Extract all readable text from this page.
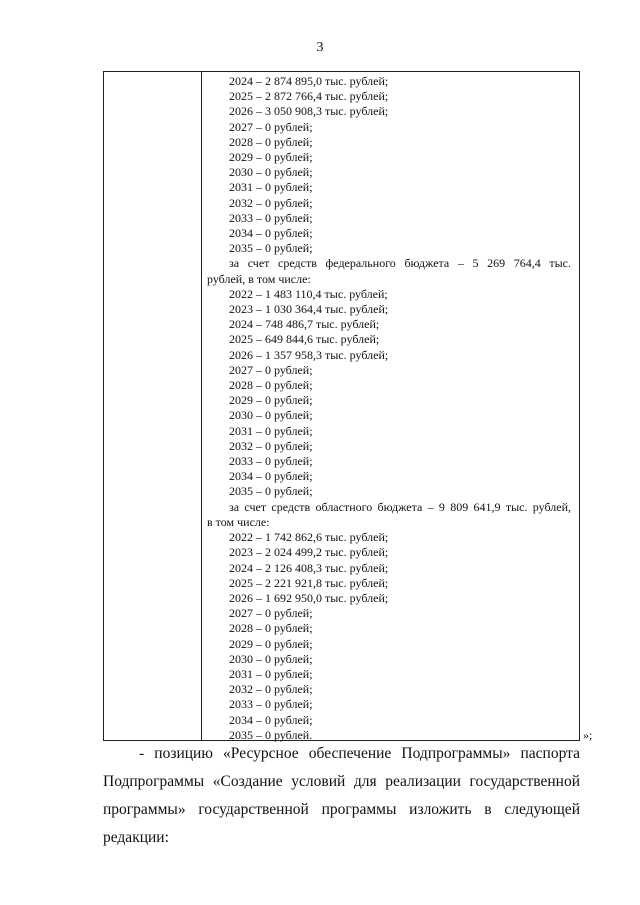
3
2024 – 2 874 895,0 тыс. рублей;
2025 – 2 872 766,4 тыс. рублей;
2026 – 3 050 908,3 тыс. рублей;
2027 – 0 рублей;
2028 – 0 рублей;
2029 – 0 рублей;
2030 – 0 рублей;
2031 – 0 рублей;
2032 – 0 рублей;
2033 – 0 рублей;
2034 – 0 рублей;
2035 – 0 рублей;
за счет средств федерального бюджета – 5 269 764,4 тыс.
рублей, в том числе:
2022 – 1 483 110,4 тыс. рублей;
2023 – 1 030 364,4 тыс. рублей;
2024 – 748 486,7 тыс. рублей;
2025 – 649 844,6 тыс. рублей;
2026 – 1 357 958,3 тыс. рублей;
2027 – 0 рублей;
2028 – 0 рублей;
2029 – 0 рублей;
2030 – 0 рублей;
2031 – 0 рублей;
2032 – 0 рублей;
2033 – 0 рублей;
2034 – 0 рублей;
2035 – 0 рублей;
за счет средств областного бюджета – 9 809 641,9 тыс. рублей,
в том числе:
2022 – 1 742 862,6 тыс. рублей;
2023 – 2 024 499,2 тыс. рублей;
2024 – 2 126 408,3 тыс. рублей;
2025 – 2 221 921,8 тыс. рублей;
2026 – 1 692 950,0 тыс. рублей;
2027 – 0 рублей;
2028 – 0 рублей;
2029 – 0 рублей;
2030 – 0 рублей;
2031 – 0 рублей;
2032 – 0 рублей;
2033 – 0 рублей;
2034 – 0 рублей;
2035 – 0 рублей.	»;
- позицию «Ресурсное обеспечение Подпрограммы» паспорта
Подпрограммы «Создание условий для реализации государственной
программы» государственной программы изложить в следующей
редакции:
